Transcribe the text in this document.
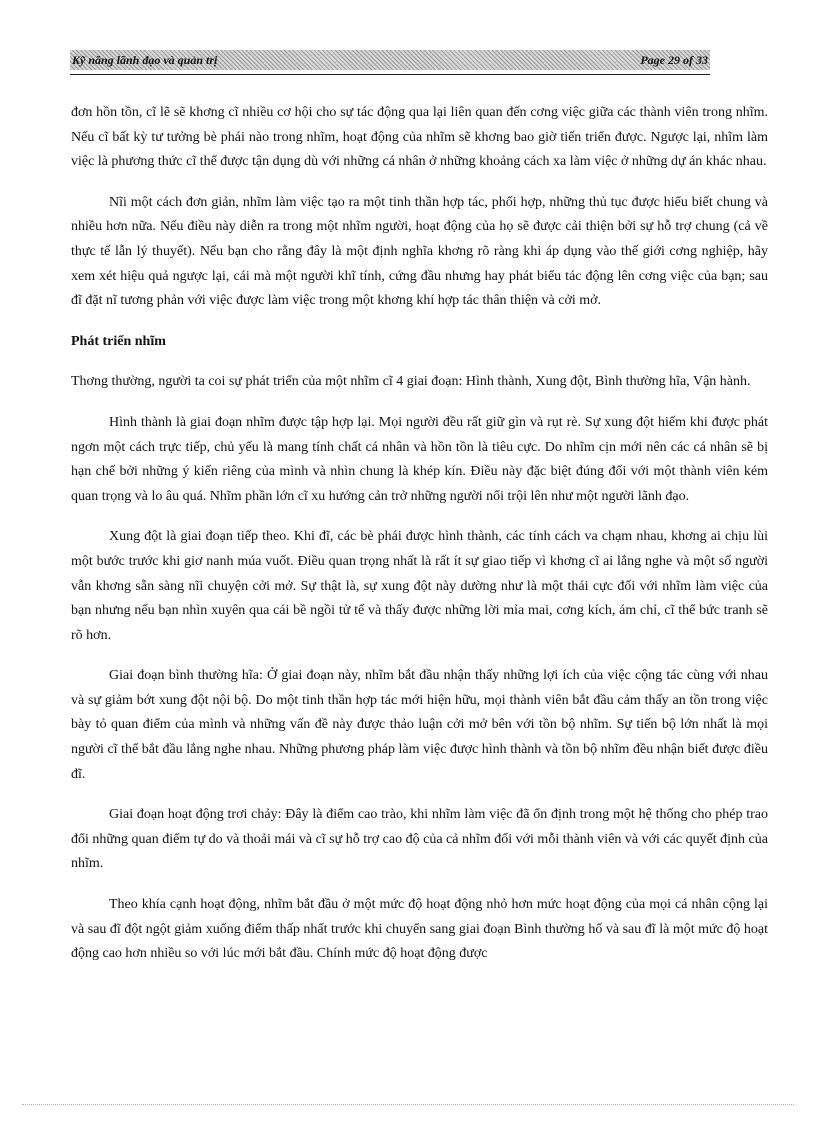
Kỹ năng lãnh đạo và quản trị	Page 29 of 33

đơn hồn tồn, cĩ lẽ sẽ khơng cĩ nhiều cơ hội cho sự tác động qua lại liên quan đến cơng việc giữa các thành viên trong nhĩm. Nếu cĩ bất kỳ tư tưởng bè phái nào trong nhĩm, hoạt động của nhĩm sẽ khơng bao giờ tiến triển được. Ngược lại, nhĩm làm việc là phương thức cĩ thể được tận dụng dù với những cá nhân ở những khoảng cách xa làm việc ở những dự án khác nhau.

Nĩi một cách đơn giản, nhĩm làm việc tạo ra một tinh thần hợp tác, phối hợp, những thủ tục được hiểu biết chung và nhiều hơn nữa. Nếu điều này diễn ra trong một nhĩm người, hoạt động của họ sẽ được cải thiện bởi sự hỗ trợ chung (cả về thực tế lẫn lý thuyết). Nếu bạn cho rằng đây là một định nghĩa khơng rõ ràng khi áp dụng vào thế giới cơng nghiệp, hãy xem xét hiệu quả ngược lại, cái mà một người khĩ tính, cứng đầu nhưng hay phát biểu tác động lên cơng việc của bạn; sau đĩ đặt nĩ tương phản với việc được làm việc trong một khơng khí hợp tác thân thiện và cởi mở.

Phát triển nhĩm

Thơng thường, người ta coi sự phát triển của một nhĩm cĩ 4 giai đoạn: Hình thành, Xung đột, Bình thường hĩa, Vận hành.

Hình thành là giai đoạn nhĩm được tập hợp lại. Mọi người đều rất giữ gìn và rụt rè. Sự xung đột hiếm khi được phát ngơn một cách trực tiếp, chủ yếu là mang tính chất cá nhân và hồn tồn là tiêu cực. Do nhĩm cịn mới nên các cá nhân sẽ bị hạn chế bởi những ý kiến riêng của mình và nhìn chung là khép kín. Điều này đặc biệt đúng đối với một thành viên kém quan trọng và lo âu quá. Nhĩm phần lớn cĩ xu hướng cản trở những người nổi trội lên như một người lãnh đạo.

Xung đột là giai đoạn tiếp theo. Khi đĩ, các bè phái được hình thành, các tính cách va chạm nhau, khơng ai chịu lùi một bước trước khi giơ nanh múa vuốt. Điều quan trọng nhất là rất ít sự giao tiếp vì khơng cĩ ai lắng nghe và một số người vẫn khơng sẵn sàng nĩi chuyện cởi mở. Sự thật là, sự xung đột này dường như là một thái cực đối với nhĩm làm việc của bạn nhưng nếu bạn nhìn xuyên qua cái bề ngồi tử tế và thấy được những lời mỉa mai, cơng kích, ám chỉ, cĩ thể bức tranh sẽ rõ hơn.

Giai đoạn bình thường hĩa: Ở giai đoạn này, nhĩm bắt đầu nhận thấy những lợi ích của việc cộng tác cùng với nhau và sự giảm bớt xung đột nội bộ. Do một tinh thần hợp tác mới hiện hữu, mọi thành viên bắt đầu cảm thấy an tồn trong việc bày tỏ quan điểm của mình và những vấn đề này được thảo luận cởi mở bên với tồn bộ nhĩm. Sự tiến bộ lớn nhất là mọi người cĩ thể bắt đầu lắng nghe nhau. Những phương pháp làm việc được hình thành và tồn bộ nhĩm đều nhận biết được điều đĩ.

Giai đoạn hoạt động trơi chảy: Đây là điểm cao trào, khi nhĩm làm việc đã ổn định trong một hệ thống cho phép trao đổi những quan điểm tự do và thoải mái và cĩ sự hỗ trợ cao độ của cả nhĩm đối với mỗi thành viên và với các quyết định của nhĩm.

Theo khía cạnh hoạt động, nhĩm bắt đầu ở một mức độ hoạt động nhỏ hơn mức hoạt động của mọi cá nhân cộng lại và sau đĩ đột ngột giảm xuống điểm thấp nhất trước khi chuyển sang giai đoạn Bình thường hố và sau đĩ là một mức độ hoạt động cao hơn nhiều so với lúc mới bắt đầu. Chính mức độ hoạt động được
